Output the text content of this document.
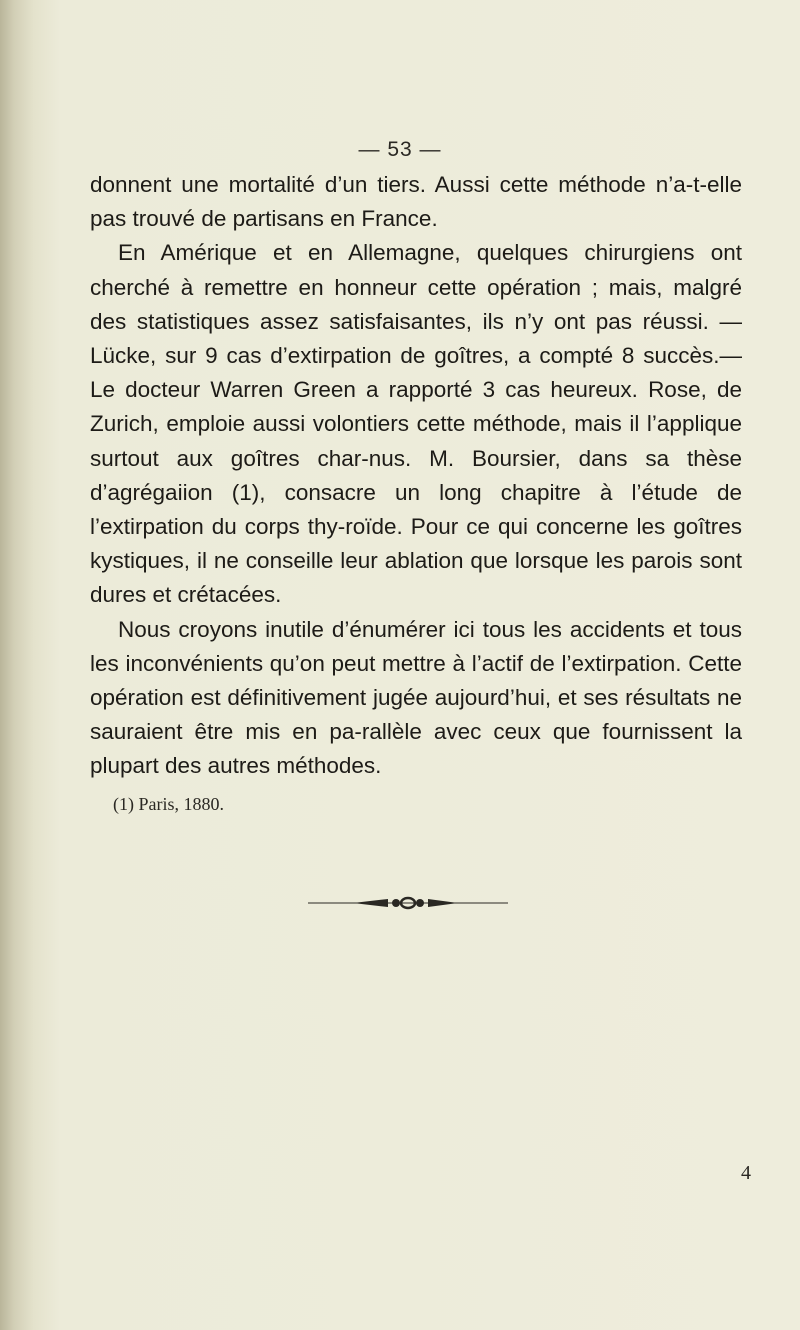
— 53 —

donnent une mortalité d’un tiers. Aussi cette méthode n’a-t-elle pas trouvé de partisans en France.

En Amérique et en Allemagne, quelques chirurgiens ont cherché à remettre en honneur cette opération ; mais, malgré des statistiques assez satisfaisantes, ils n’y ont pas réussi. — Lücke, sur 9 cas d’extirpation de goîtres, a compté 8 succès.— Le docteur Warren Green a rapporté 3 cas heureux. Rose, de Zurich, emploie aussi volontiers cette méthode, mais il l’applique surtout aux goîtres char-nus. M. Boursier, dans sa thèse d’agrégaiion (1), consacre un long chapitre à l’étude de l’extirpation du corps thy-roïde. Pour ce qui concerne les goîtres kystiques, il ne conseille leur ablation que lorsque les parois sont dures et crétacées.

Nous croyons inutile d’énumérer ici tous les accidents et tous les inconvénients qu’on peut mettre à l’actif de l’extirpation. Cette opération est définitivement jugée aujourd’hui, et ses résultats ne sauraient être mis en pa-rallèle avec ceux que fournissent la plupart des autres méthodes.

(1) Paris, 1880.
4
